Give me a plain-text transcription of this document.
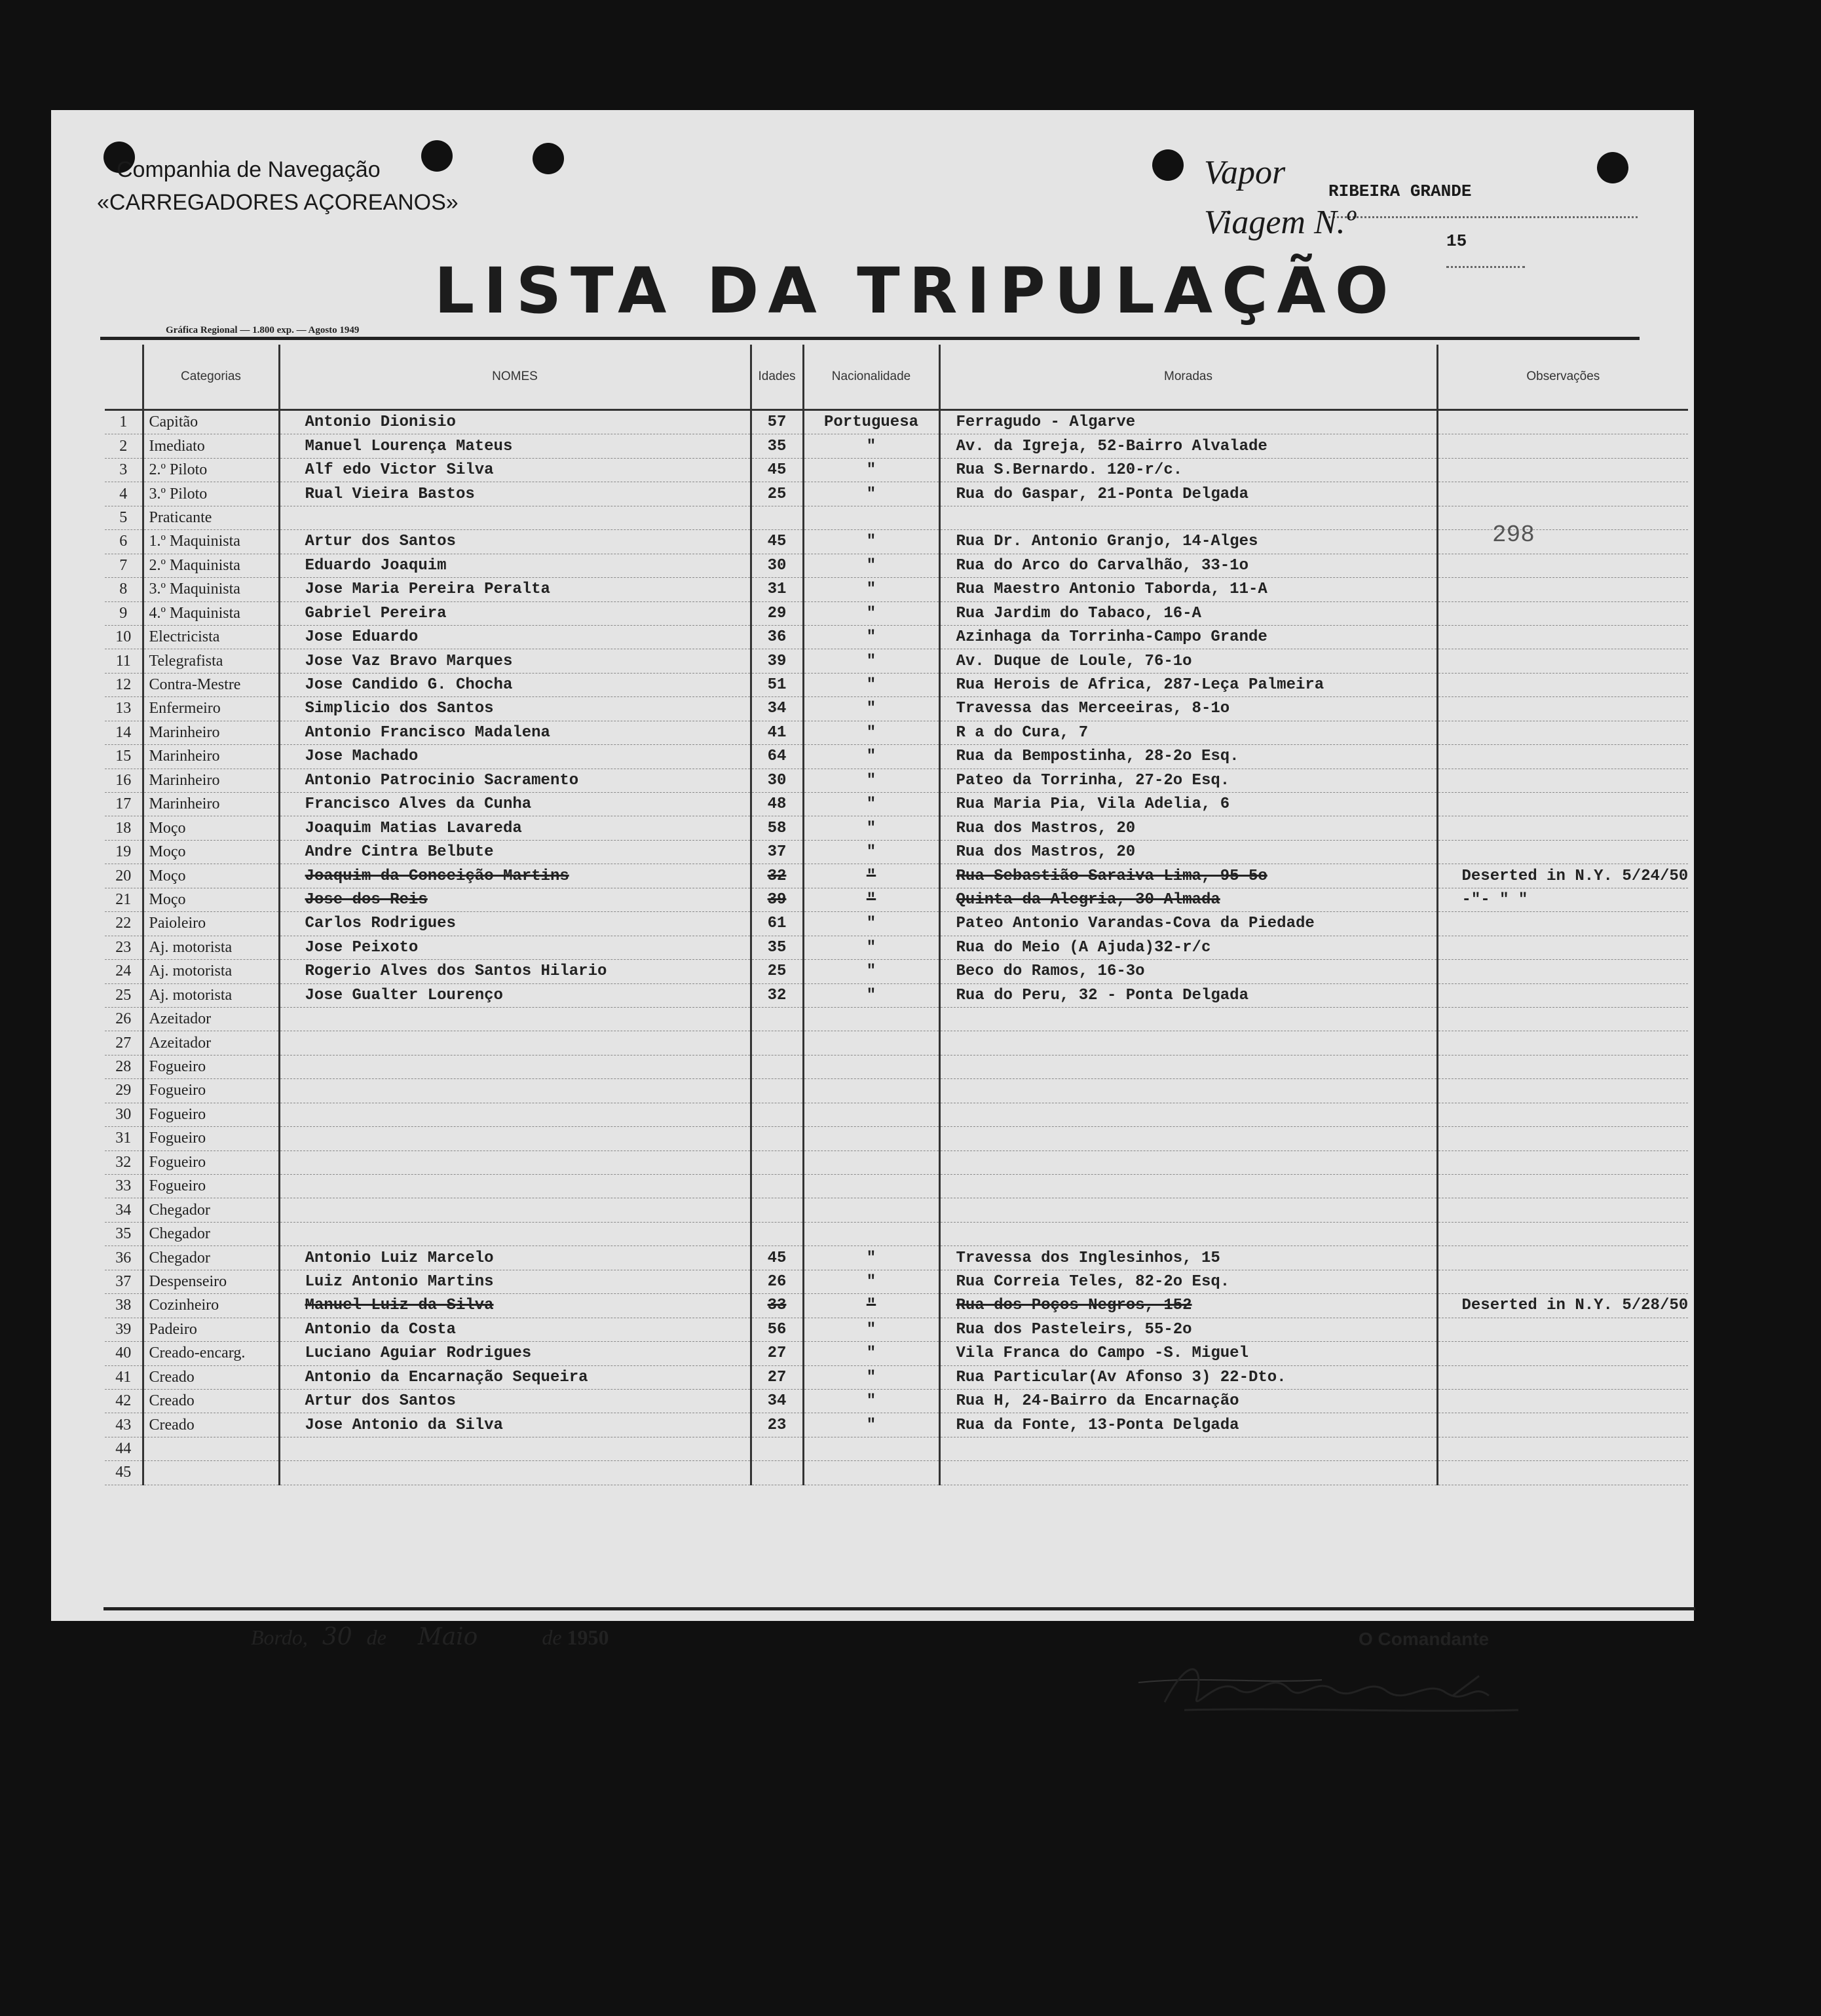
Companhia de Navegação
«CARREGADORES AÇOREANOS»
Vapor	RIBEIRA GRANDE
Viagem N.º	15
LISTA DA TRIPULAÇÃO
Gráfica Regional — 1.800 exp. — Agosto 1949
	Categorias	NOMES	Idades	Nacionalidade	Moradas	Observações
1	Capitão	Antonio Dionisio	57	Portuguesa	Ferragudo - Algarve	
2	Imediato	Manuel Lourença Mateus	35	"	Av. da Igreja, 52-Bairro Alvalade	
3	2.º Piloto	Alf edo Victor Silva	45	"	Rua S.Bernardo. 120-r/c.	
4	3.º Piloto	Rual Vieira Bastos	25	"	Rua do Gaspar, 21-Ponta Delgada	
5	Praticante					
6	1.º Maquinista	Artur dos Santos	45	"	Rua Dr. Antonio Granjo, 14-Alges	
7	2.º Maquinista	Eduardo Joaquim	30	"	Rua do Arco do Carvalhão, 33-1o	
8	3.º Maquinista	Jose Maria Pereira Peralta	31	"	Rua Maestro Antonio Taborda, 11-A	
9	4.º Maquinista	Gabriel Pereira	29	"	Rua Jardim do Tabaco, 16-A	
10	Electricista	Jose Eduardo	36	"	Azinhaga da Torrinha-Campo Grande	
11	Telegrafista	Jose Vaz Bravo Marques	39	"	Av. Duque de Loule, 76-1o	
12	Contra-Mestre	Jose Candido G. Chocha	51	"	Rua Herois de Africa, 287-Leça Palmeira	
13	Enfermeiro	Simplicio dos Santos	34	"	Travessa das Merceeiras, 8-1o	
14	Marinheiro	Antonio Francisco Madalena	41	"	R a do Cura, 7	
15	Marinheiro	Jose Machado	64	"	Rua da Bempostinha, 28-2o Esq.	
16	Marinheiro	Antonio Patrocinio Sacramento	30	"	Pateo da Torrinha, 27-2o Esq.	
17	Marinheiro	Francisco Alves da Cunha	48	"	Rua Maria Pia, Vila Adelia, 6	
18	Moço	Joaquim Matias Lavareda	58	"	Rua dos Mastros, 20	
19	Moço	Andre Cintra Belbute	37	"	Rua dos Mastros, 20	
20	Moço	Joaquim da Conceição Martins	32	"	Rua Sebastião Saraiva Lima, 95-5o	Deserted in N.Y. 5/24/50
21	Moço	Jose dos Reis	39	"	Quinta da Alegria, 30-Almada	-"- " "
22	Paioleiro	Carlos Rodrigues	61	"	Pateo Antonio Varandas-Cova da Piedade	
23	Aj. motorista	Jose Peixoto	35	"	Rua do Meio (A Ajuda)32-r/c	
24	Aj. motorista	Rogerio Alves dos Santos Hilario	25	"	Beco do Ramos, 16-3o	
25	Aj. motorista	Jose Gualter Lourenço	32	"	Rua do Peru, 32 - Ponta Delgada	
26	Azeitador					
27	Azeitador					
28	Fogueiro					
29	Fogueiro					
30	Fogueiro					
31	Fogueiro					
32	Fogueiro					
33	Fogueiro					
34	Chegador					
35	Chegador					
36	Chegador	Antonio Luiz Marcelo	45	"	Travessa dos Inglesinhos, 15	
37	Despenseiro	Luiz Antonio Martins	26	"	Rua Correia Teles, 82-2o Esq.	
38	Cozinheiro	Manuel Luiz da Silva	33	"	Rua dos Poços Negros, 152	Deserted in N.Y. 5/28/50
39	Padeiro	Antonio da Costa	56	"	Rua dos Pasteleirs, 55-2o	
40	Creado-encarg.	Luciano Aguiar Rodrigues	27	"	Vila Franca do Campo -S. Miguel	
41	Creado	Antonio da Encarnação Sequeira	27	"	Rua Particular(Av Afonso 3) 22-Dto.	
42	Creado	Artur dos Santos	34	"	Rua H, 24-Bairro da Encarnação	
43	Creado	Jose Antonio da Silva	23	"	Rua da Fonte, 13-Ponta Delgada	
44						
45						
298
Bordo, 30 de Maio	de 1950	O Comandante
